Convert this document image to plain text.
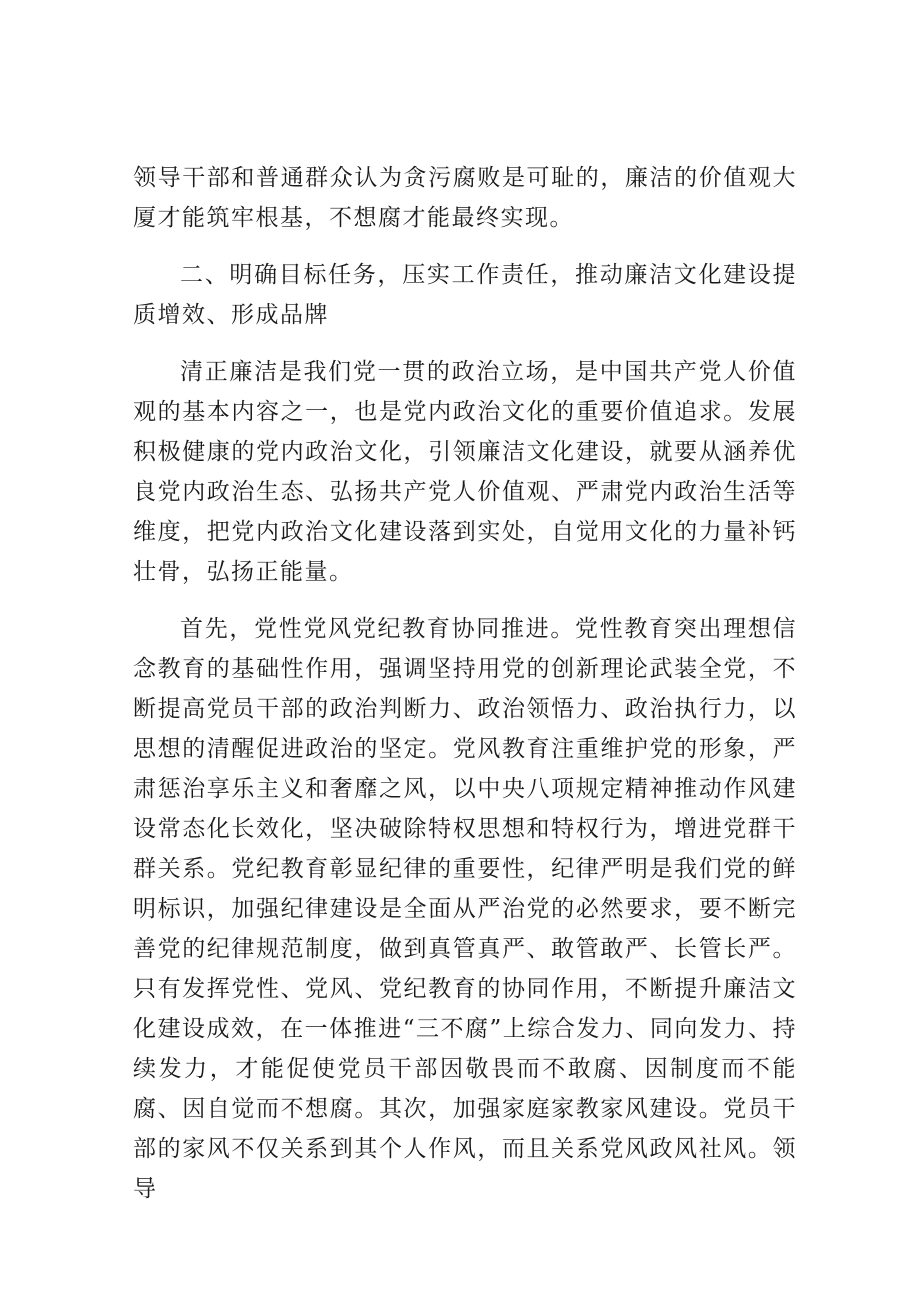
领导干部和普通群众认为贪污腐败是可耻的，廉洁的价值观大厦才能筑牢根基，不想腐才能最终实现。

二、明确目标任务，压实工作责任，推动廉洁文化建设提质增效、形成品牌

清正廉洁是我们党一贯的政治立场，是中国共产党人价值观的基本内容之一，也是党内政治文化的重要价值追求。发展积极健康的党内政治文化，引领廉洁文化建设，就要从涵养优良党内政治生态、弘扬共产党人价值观、严肃党内政治生活等维度，把党内政治文化建设落到实处，自觉用文化的力量补钙壮骨，弘扬正能量。

首先，党性党风党纪教育协同推进。党性教育突出理想信念教育的基础性作用，强调坚持用党的创新理论武装全党，不断提高党员干部的政治判断力、政治领悟力、政治执行力，以思想的清醒促进政治的坚定。党风教育注重维护党的形象，严肃惩治享乐主义和奢靡之风，以中央八项规定精神推动作风建设常态化长效化，坚决破除特权思想和特权行为，增进党群干群关系。党纪教育彰显纪律的重要性，纪律严明是我们党的鲜明标识，加强纪律建设是全面从严治党的必然要求，要不断完善党的纪律规范制度，做到真管真严、敢管敢严、长管长严。只有发挥党性、党风、党纪教育的协同作用，不断提升廉洁文化建设成效，在一体推进“三不腐”上综合发力、同向发力、持续发力，才能促使党员干部因敬畏而不敢腐、因制度而不能腐、因自觉而不想腐。其次，加强家庭家教家风建设。党员干部的家风不仅关系到其个人作风，而且关系党风政风社风。领导
